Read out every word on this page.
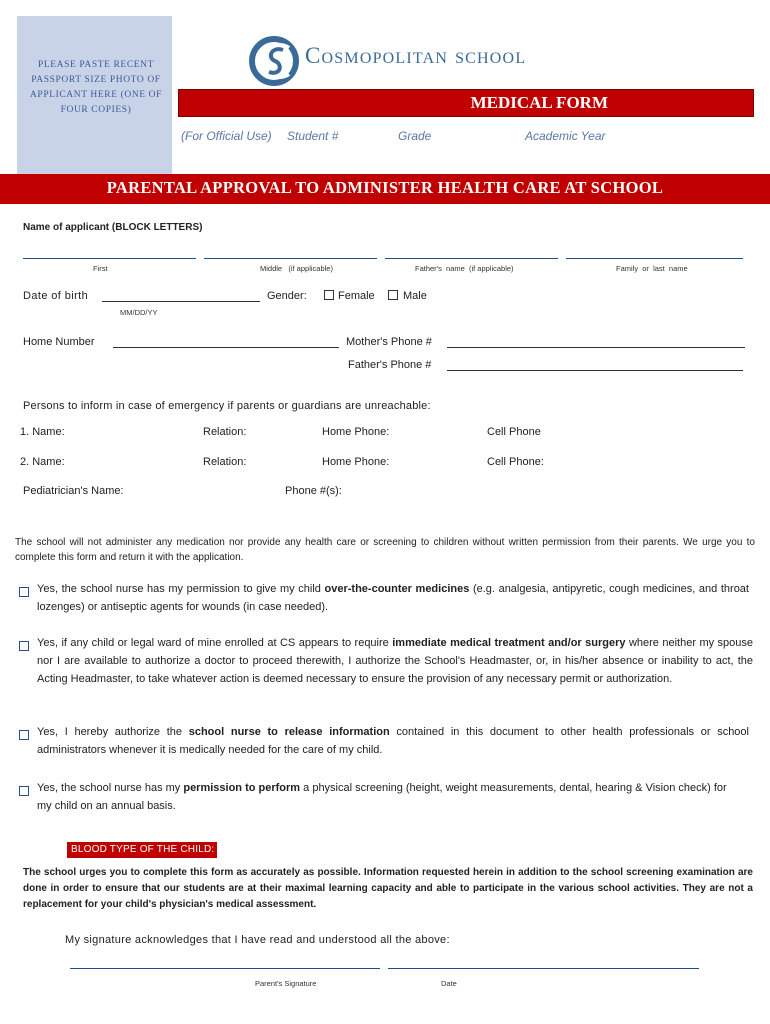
PLEASE PASTE RECENT PASSPORT SIZE PHOTO OF APPLICANT HERE (ONE OF FOUR COPIES)
Cosmopolitan school
MEDICAL FORM
(For Official Use) Student #	Grade	Academic Year
PARENTAL APPROVAL TO ADMINISTER HEALTH CARE AT SCHOOL
Name of applicant (BLOCK LETTERS)
First	Middle   (if applicable)	Father's  name  (if applicable)	Family  or  last  name
Date of birth
MM/DD/YY
Gender:	Female	Male
Home Number	Mother's Phone #
Father's Phone #
Persons to inform in case of emergency if parents or guardians are unreachable:
1. Name:	Relation:	Home Phone:	Cell Phone
2. Name:	Relation:	Home Phone:	Cell Phone:
Pediatrician's Name:	Phone #(s):
The school will not administer any medication nor provide any health care or screening to children without written permission from their parents. We urge you to complete this form and return it with the application.
Yes, the school nurse has my permission to give my child over-the-counter medicines (e.g. analgesia, antipyretic, cough medicines, and throat lozenges) or antiseptic agents for wounds (in case needed).
Yes, if any child or legal ward of mine enrolled at CS appears to require immediate medical treatment and/or surgery where neither my spouse nor I are available to authorize a doctor to proceed therewith, I authorize the School's Headmaster, or, in his/her absence or inability to act, the Acting Headmaster, to take whatever action is deemed necessary to ensure the provision of any necessary permit or authorization.
Yes, I hereby authorize the school nurse to release information contained in this document to other health professionals or school administrators whenever it is medically needed for the care of my child.
Yes, the school nurse has my permission to perform a physical screening (height, weight measurements, dental, hearing & Vision check) for my child on an annual basis.
BLOOD TYPE OF THE CHILD:
The school urges you to complete this form as accurately as possible. Information requested herein in addition to the school screening examination are done in order to ensure that our students are at their maximal learning capacity and able to participate in the various school activities. They are not a replacement for your child's physician's medical assessment.
My signature acknowledges that I have read and understood all the above:
Parent's Signature	Date
